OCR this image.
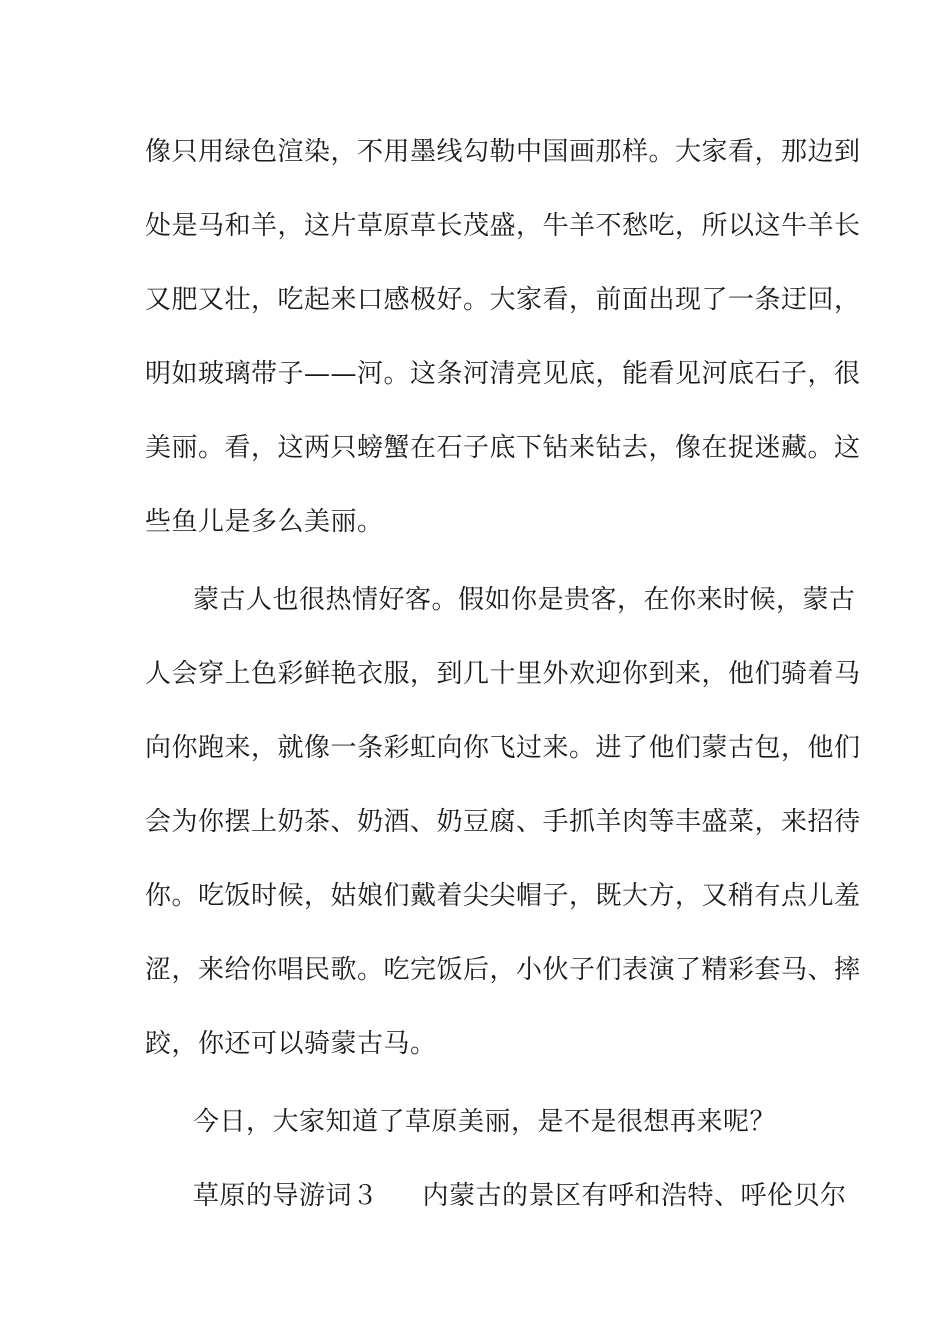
像只用绿色渲染，不用墨线勾勒中国画那样。大家看，那边到
处是马和羊，这片草原草长茂盛，牛羊不愁吃，所以这牛羊长
又肥又壮，吃起来口感极好。大家看，前面出现了一条迂回，
明如玻璃带子——河。这条河清亮见底，能看见河底石子，很
美丽。看，这两只螃蟹在石子底下钻来钻去，像在捉迷藏。这
些鱼儿是多么美丽。
蒙古人也很热情好客。假如你是贵客，在你来时候，蒙古
人会穿上色彩鲜艳衣服，到几十里外欢迎你到来，他们骑着马
向你跑来，就像一条彩虹向你飞过来。进了他们蒙古包，他们
会为你摆上奶茶、奶酒、奶豆腐、手抓羊肉等丰盛菜，来招待
你。吃饭时候，姑娘们戴着尖尖帽子，既大方，又稍有点儿羞
涩，来给你唱民歌。吃完饭后，小伙子们表演了精彩套马、摔
跤，你还可以骑蒙古马。
今日，大家知道了草原美丽，是不是很想再来呢？
草原的导游词３ 内蒙古的景区有呼和浩特、呼伦贝尔
